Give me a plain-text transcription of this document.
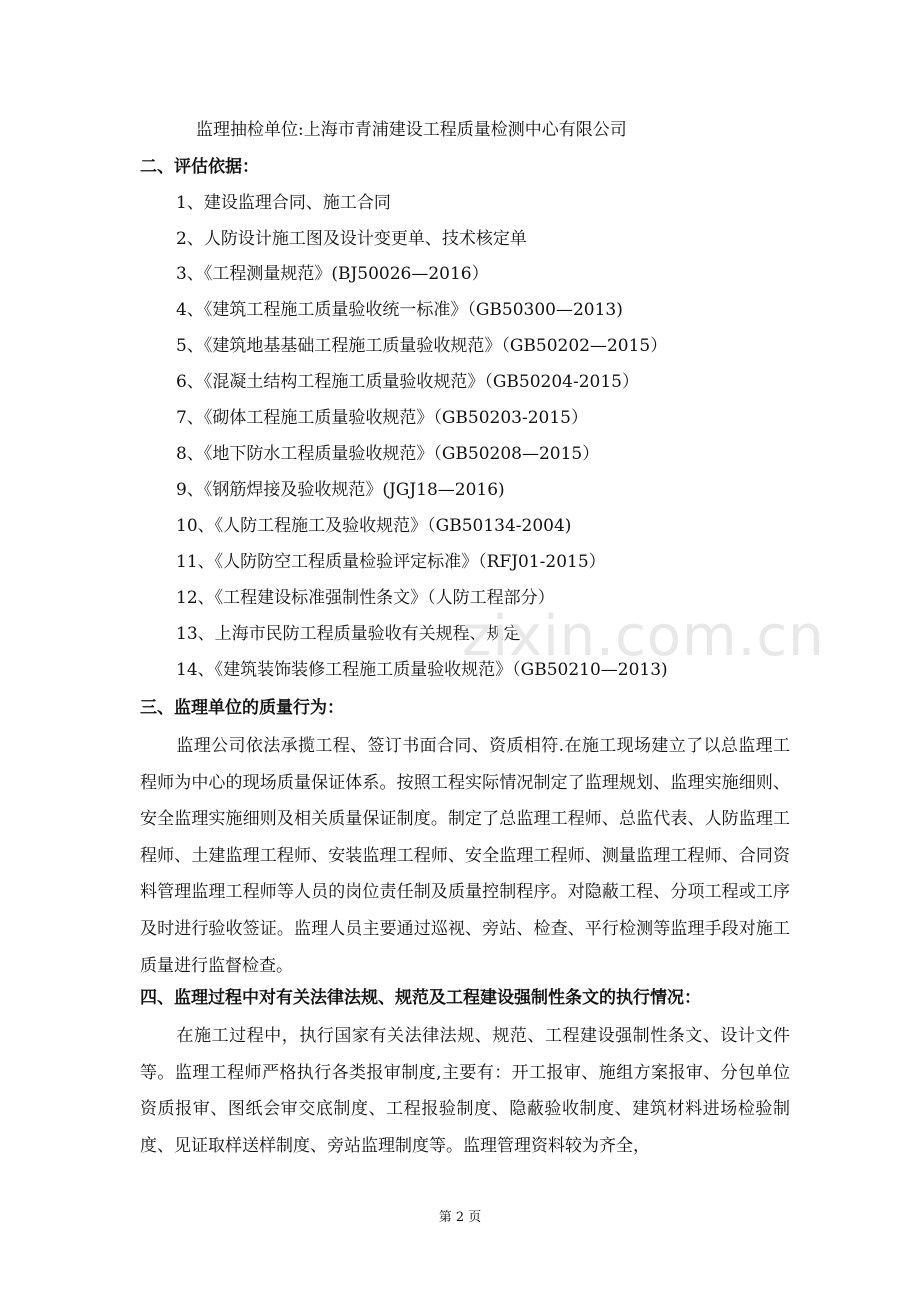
监理抽检单位:上海市青浦建设工程质量检测中心有限公司
二、评估依据：
1、建设监理合同、施工合同
2、人防设计施工图及设计变更单、技术核定单
3、《工程测量规范》(BJ50026—2016）
4、《建筑工程施工质量验收统一标准》（GB50300—2013)
5、《建筑地基基础工程施工质量验收规范》（GB50202—2015）
6、《混凝土结构工程施工质量验收规范》（GB50204-2015）
7、《砌体工程施工质量验收规范》（GB50203-2015）
8、《地下防水工程质量验收规范》（GB50208—2015）
9、《钢筋焊接及验收规范》(JGJ18—2016)
10、《人防工程施工及验收规范》（GB50134-2004)
11、《人防防空工程质量检验评定标准》（RFJ01-2015）
12、《工程建设标准强制性条文》（人防工程部分）
13、上海市民防工程质量验收有关规程、规定
14、《建筑装饰装修工程施工质量验收规范》（GB50210—2013)
三、监理单位的质量行为：
监理公司依法承揽工程、签订书面合同、资质相符.在施工现场建立了以总监理工程师为中心的现场质量保证体系。按照工程实际情况制定了监理规划、监理实施细则、安全监理实施细则及相关质量保证制度。制定了总监理工程师、总监代表、人防监理工程师、土建监理工程师、安装监理工程师、安全监理工程师、测量监理工程师、合同资料管理监理工程师等人员的岗位责任制及质量控制程序。对隐蔽工程、分项工程或工序及时进行验收签证。监理人员主要通过巡视、旁站、检查、平行检测等监理手段对施工质量进行监督检查。
四、监理过程中对有关法律法规、规范及工程建设强制性条文的执行情况：
在施工过程中，执行国家有关法律法规、规范、工程建设强制性条文、设计文件等。监理工程师严格执行各类报审制度,主要有：开工报审、施组方案报审、分包单位资质报审、图纸会审交底制度、工程报验制度、隐蔽验收制度、建筑材料进场检验制度、见证取样送样制度、旁站监理制度等。监理管理资料较为齐全，
zixin.com.cn
第 2 页
